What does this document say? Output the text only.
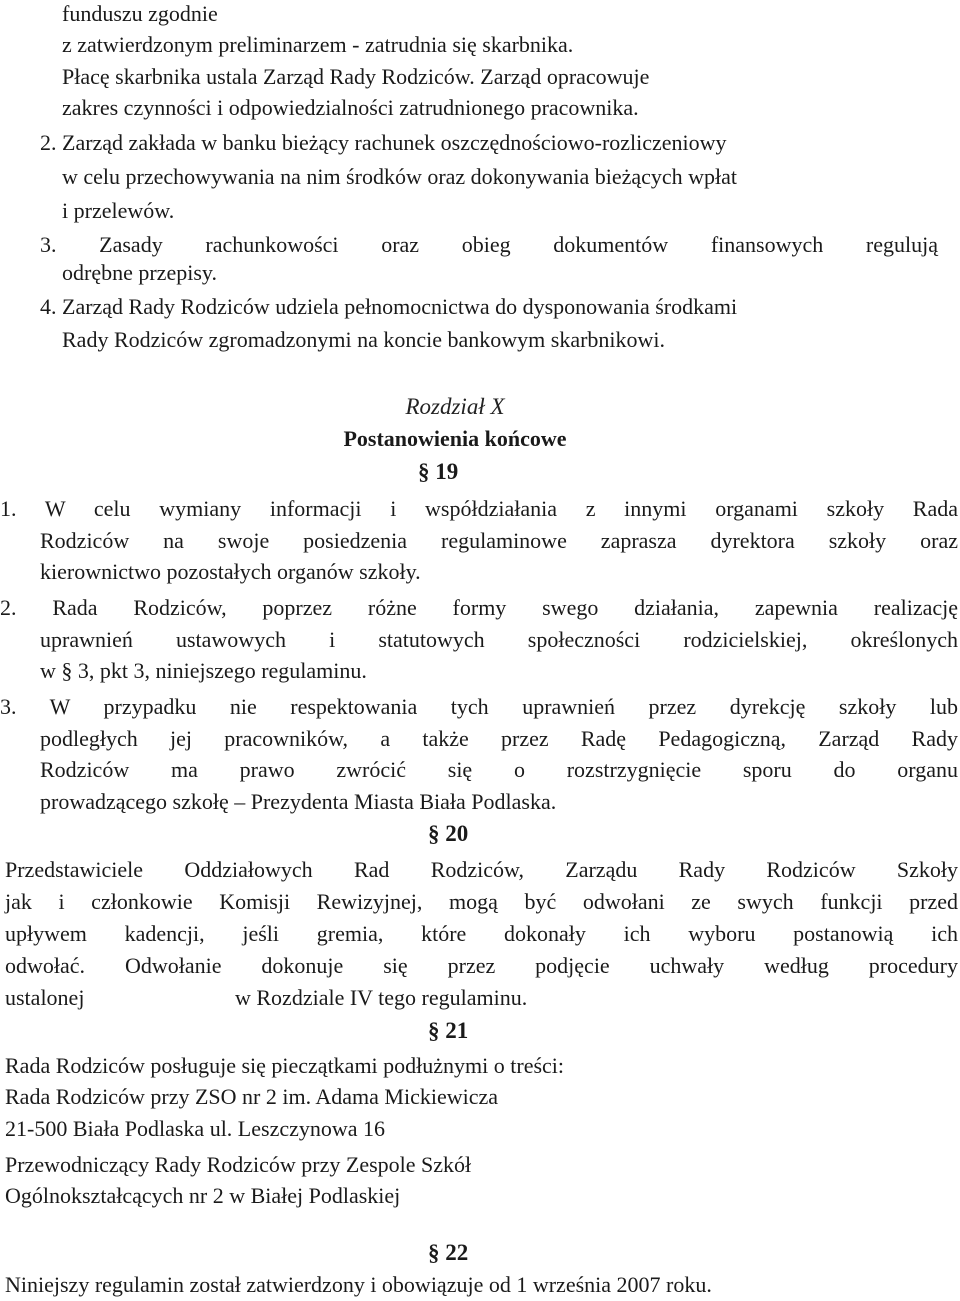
funduszu zgodnie
z zatwierdzonym preliminarzem - zatrudnia się skarbnika.
Płacę skarbnika ustala Zarząd Rady Rodziców. Zarząd opracowuje
zakres czynności i odpowiedzialności zatrudnionego pracownika.
2. Zarząd zakłada w banku bieżący rachunek oszczędnościowo-rozliczeniowy
w celu przechowywania na nim środków oraz dokonywania bieżących wpłat
i przelewów.
3. Zasady rachunkowości oraz obieg dokumentów finansowych regulują
odrębne przepisy.
4. Zarząd Rady Rodziców udziela pełnomocnictwa do dysponowania środkami
Rady Rodziców zgromadzonymi na koncie bankowym skarbnikowi.
Rozdział X
Postanowienia końcowe
§ 19
1. W celu wymiany informacji i współdziałania z innymi organami szkoły Rada
Rodziców na swoje posiedzenia regulaminowe zaprasza dyrektora szkoły oraz
kierownictwo pozostałych organów szkoły.
2. Rada Rodziców, poprzez różne formy swego działania, zapewnia realizację
uprawnień ustawowych i statutowych społeczności rodzicielskiej, określonych
w § 3, pkt 3, niniejszego regulaminu.
3. W przypadku nie respektowania tych uprawnień przez dyrekcję szkoły lub
podległych jej pracowników, a także przez Radę Pedagogiczną, Zarząd Rady
Rodziców ma prawo zwrócić się o rozstrzygnięcie sporu do organu
prowadzącego szkołę – Prezydenta Miasta Biała Podlaska.
§ 20
Przedstawiciele Oddziałowych Rad Rodziców, Zarządu Rady Rodziców Szkoły
jak i członkowie Komisji Rewizyjnej, mogą być odwołani ze swych funkcji przed
upływem kadencji, jeśli gremia, które dokonały ich wyboru postanowią ich
odwołać. Odwołanie dokonuje się przez podjęcie uchwały według procedury
ustalonej	w Rozdziale IV tego regulaminu.
§ 21
Rada Rodziców posługuje się pieczątkami podłużnymi o treści:
Rada Rodziców przy ZSO nr 2 im. Adama Mickiewicza
21-500 Biała Podlaska ul. Leszczynowa 16
Przewodniczący Rady Rodziców przy Zespole Szkół
Ogólnokształcących nr 2 w Białej Podlaskiej
§ 22
Niniejszy regulamin został zatwierdzony i obowiązuje od 1 września 2007 roku.
